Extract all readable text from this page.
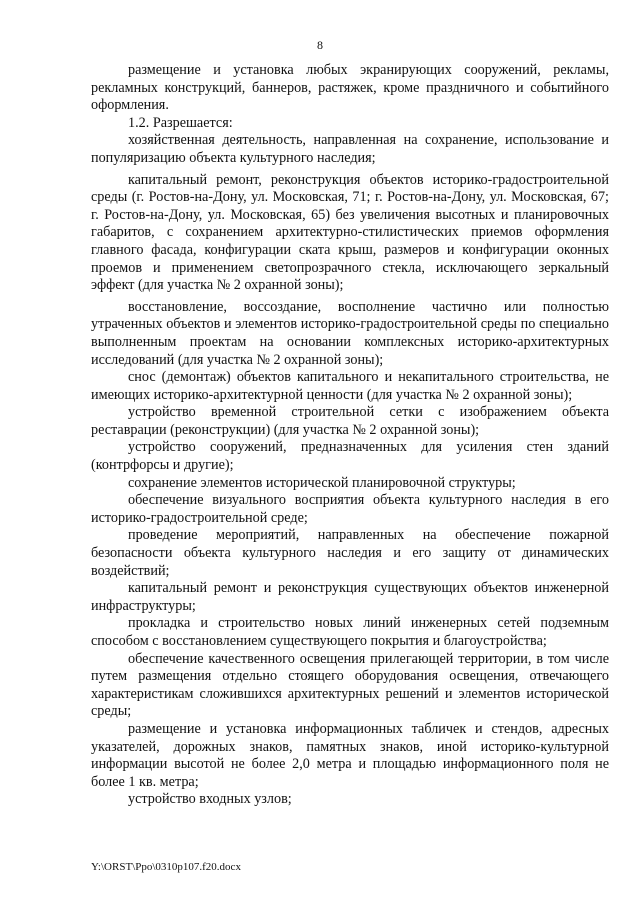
8

размещение и установка любых экранирующих сооружений, рекламы, рекламных конструкций, баннеров, растяжек, кроме праздничного и событийного оформления.

1.2. Разрешается:

хозяйственная деятельность, направленная на сохранение, использование и популяризацию объекта культурного наследия;

капитальный ремонт, реконструкция объектов историко-градостроительной среды (г. Ростов-на-Дону, ул. Московская, 71; г. Ростов-на-Дону, ул. Московская, 67; г. Ростов-на-Дону, ул. Московская, 65) без увеличения высотных и планировочных габаритов, с сохранением архитектурно-стилистических приемов оформления главного фасада, конфигурации ската крыш, размеров и конфигурации оконных проемов и применением светопрозрачного стекла, исключающего зеркальный эффект (для участка № 2 охранной зоны);

восстановление, воссоздание, восполнение частично или полностью утраченных объектов и элементов историко-градостроительной среды по специально выполненным проектам на основании комплексных историко-архитектурных исследований (для участка № 2 охранной зоны);

снос (демонтаж) объектов капитального и некапитального строительства, не имеющих историко-архитектурной ценности (для участка № 2 охранной зоны);

устройство временной строительной сетки с изображением объекта реставрации (реконструкции) (для участка № 2 охранной зоны);

устройство сооружений, предназначенных для усиления стен зданий (контрфорсы и другие);

сохранение элементов исторической планировочной структуры;

обеспечение визуального восприятия объекта культурного наследия в его историко-градостроительной среде;

проведение мероприятий, направленных на обеспечение пожарной безопасности объекта культурного наследия и его защиту от динамических воздействий;

капитальный ремонт и реконструкция существующих объектов инженерной инфраструктуры;

прокладка и строительство новых линий инженерных сетей подземным способом с восстановлением существующего покрытия и благоустройства;

обеспечение качественного освещения прилегающей территории, в том числе путем размещения отдельно стоящего оборудования освещения, отвечающего характеристикам сложившихся архитектурных решений и элементов исторической среды;

размещение и установка информационных табличек и стендов, адресных указателей, дорожных знаков, памятных знаков, иной историко-культурной информации высотой не более 2,0 метра и площадью информационного поля не более 1 кв. метра;

устройство входных узлов;

Y:\ORST\Ppo\0310p107.f20.docx
